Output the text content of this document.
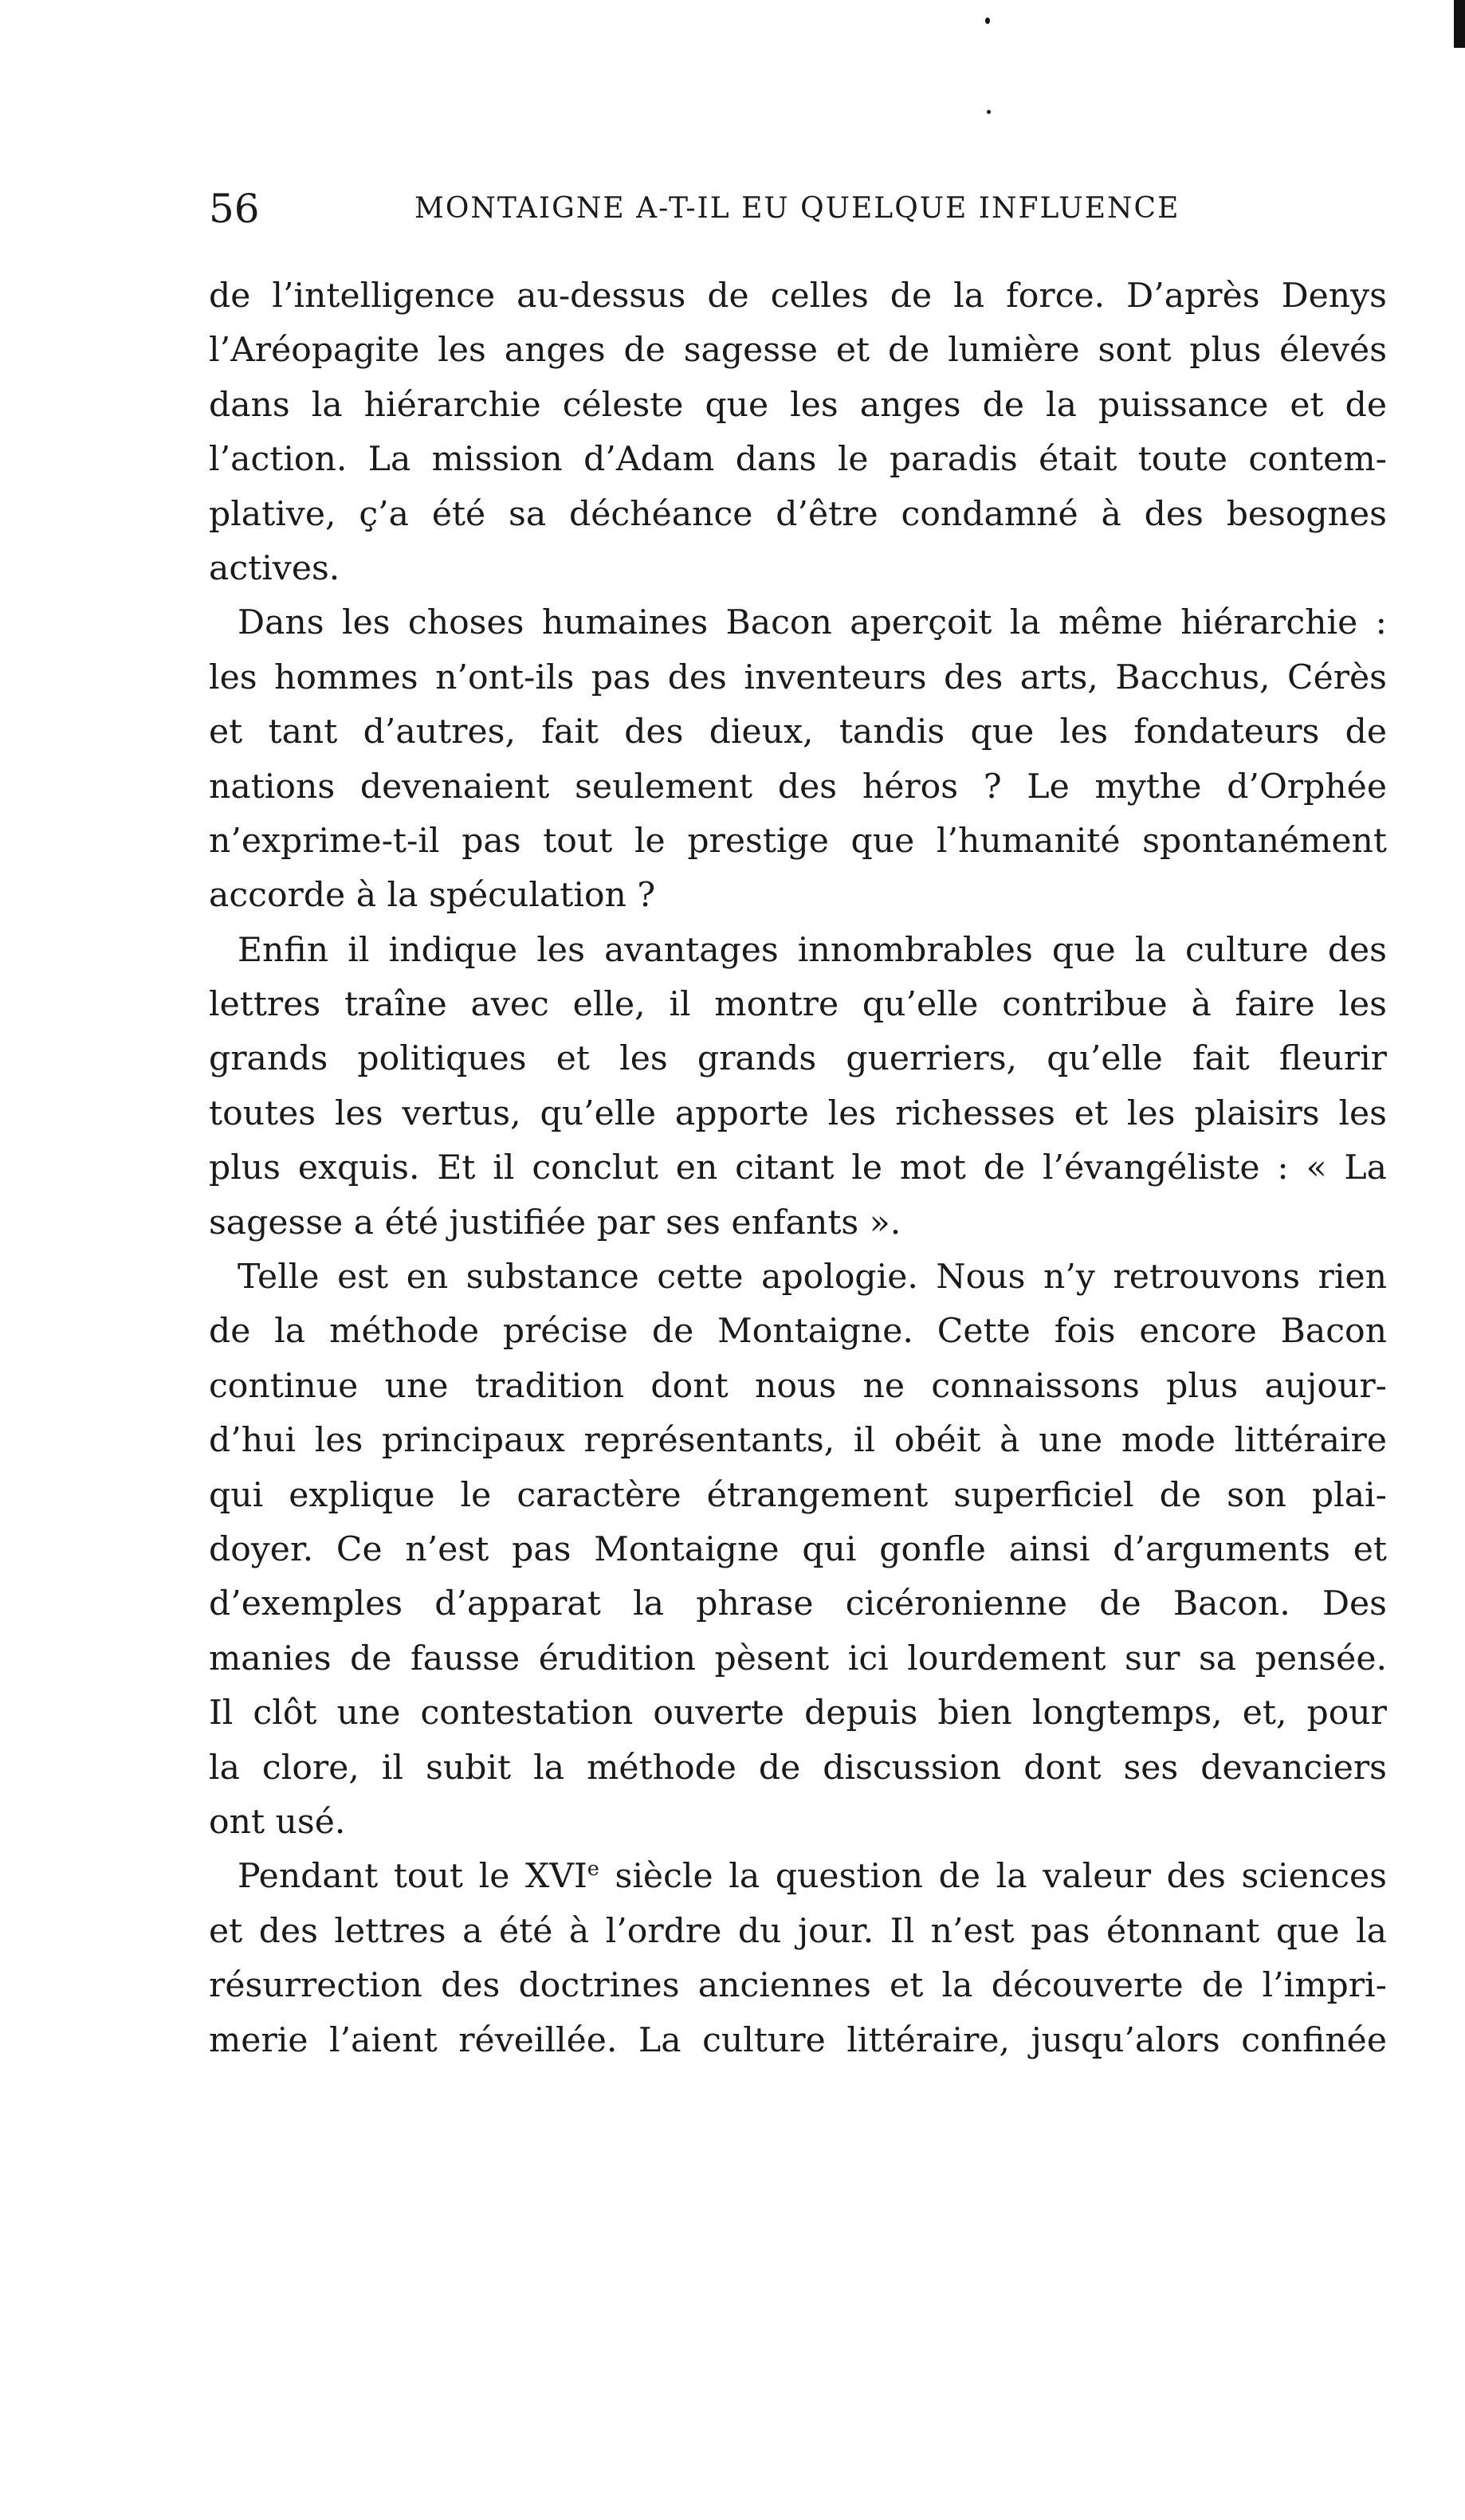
56	MONTAIGNE A-T-IL EU QUELQUE INFLUENCE

de l’intelligence au-dessus de celles de la force. D’après Denys
l’Aréopagite les anges de sagesse et de lumière sont plus élevés
dans la hiérarchie céleste que les anges de la puissance et de
l’action. La mission d’Adam dans le paradis était toute contem-
plative, ç’a été sa déchéance d’être condamné à des besognes
actives.

Dans les choses humaines Bacon aperçoit la même hiérarchie :
les hommes n’ont-ils pas des inventeurs des arts, Bacchus, Cérès
et tant d’autres, fait des dieux, tandis que les fondateurs de
nations devenaient seulement des héros ? Le mythe d’Orphée
n’exprime-t-il pas tout le prestige que l’humanité spontanément
accorde à la spéculation ?

Enfin il indique les avantages innombrables que la culture des
lettres traîne avec elle, il montre qu’elle contribue à faire les
grands politiques et les grands guerriers, qu’elle fait fleurir
toutes les vertus, qu’elle apporte les richesses et les plaisirs les
plus exquis. Et il conclut en citant le mot de l’évangéliste : « La
sagesse a été justifiée par ses enfants ».

Telle est en substance cette apologie. Nous n’y retrouvons rien
de la méthode précise de Montaigne. Cette fois encore Bacon
continue une tradition dont nous ne connaissons plus aujour-
d’hui les principaux représentants, il obéit à une mode littéraire
qui explique le caractère étrangement superficiel de son plai-
doyer. Ce n’est pas Montaigne qui gonfle ainsi d’arguments et
d’exemples d’apparat la phrase cicéronienne de Bacon. Des
manies de fausse érudition pèsent ici lourdement sur sa pensée.
Il clôt une contestation ouverte depuis bien longtemps, et, pour
la clore, il subit la méthode de discussion dont ses devanciers
ont usé.

Pendant tout le XVIe siècle la question de la valeur des sciences
et des lettres a été à l’ordre du jour. Il n’est pas étonnant que la
résurrection des doctrines anciennes et la découverte de l’impri-
merie l’aient réveillée. La culture littéraire, jusqu’alors confinée
